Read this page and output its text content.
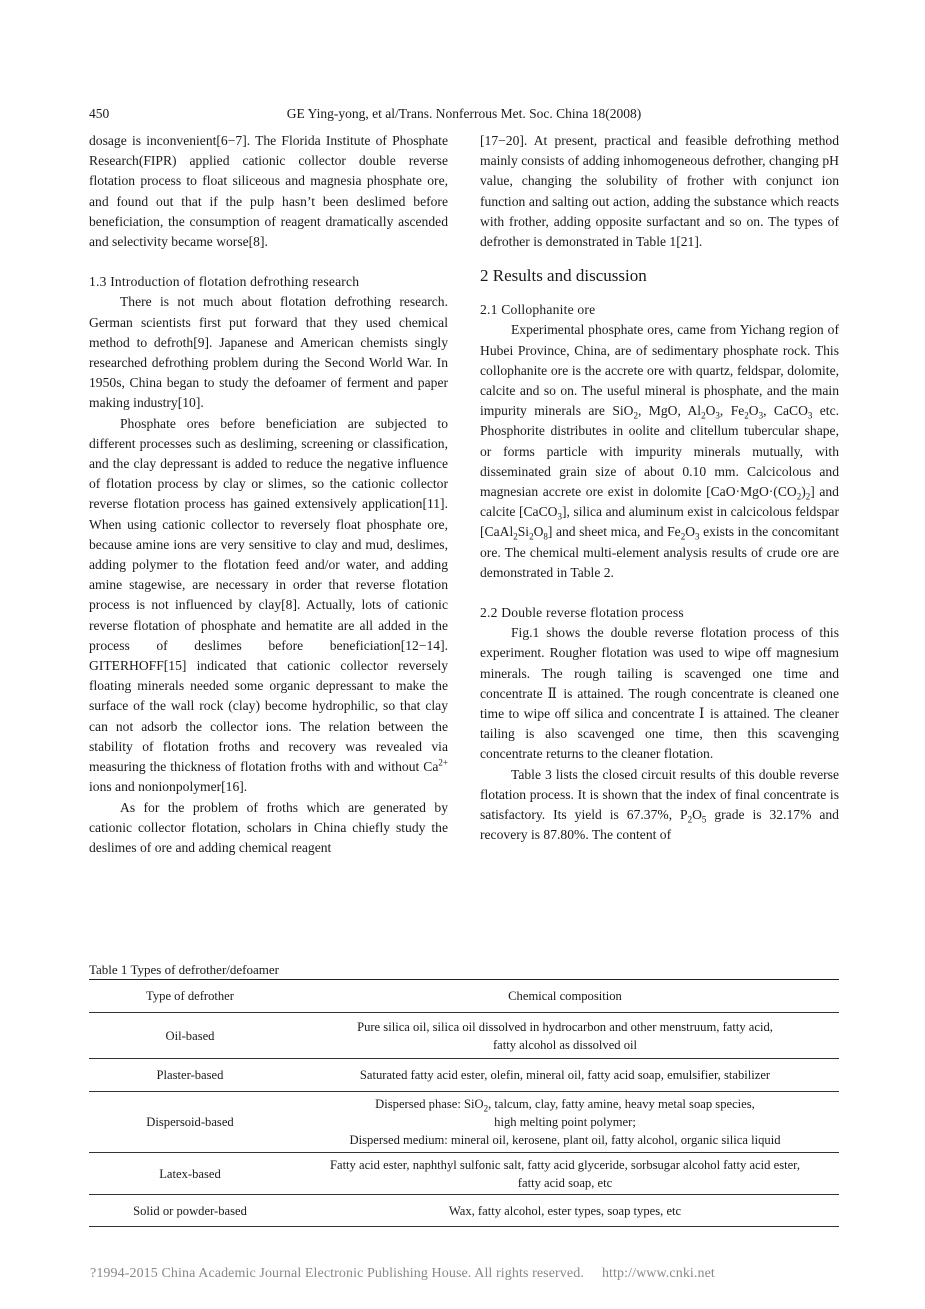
450	GE Ying-yong, et al/Trans. Nonferrous Met. Soc. China 18(2008)

dosage is inconvenient[6−7]. The Florida Institute of Phosphate Research(FIPR) applied cationic collector double reverse flotation process to float siliceous and magnesia phosphate ore, and found out that if the pulp hasn’t been deslimed before beneficiation, the consumption of reagent dramatically ascended and selectivity became worse[8].

1.3 Introduction of flotation defrothing research

There is not much about flotation defrothing research. German scientists first put forward that they used chemical method to defroth[9]. Japanese and American chemists singly researched defrothing problem during the Second World War. In 1950s, China began to study the defoamer of ferment and paper making industry[10].

Phosphate ores before beneficiation are subjected to different processes such as desliming, screening or classification, and the clay depressant is added to reduce the negative influence of flotation process by clay or slimes, so the cationic collector reverse flotation process has gained extensively application[11]. When using cationic collector to reversely float phosphate ore, because amine ions are very sensitive to clay and mud, deslimes, adding polymer to the flotation feed and/or water, and adding amine stagewise, are necessary in order that reverse flotation process is not influenced by clay[8]. Actually, lots of cationic reverse flotation of phosphate and hematite are all added in the process of deslimes before beneficiation[12−14]. GITERHOFF[15] indicated that cationic collector reversely floating minerals needed some organic depressant to make the surface of the wall rock (clay) become hydrophilic, so that clay can not adsorb the collector ions. The relation between the stability of flotation froths and recovery was revealed via measuring the thickness of flotation froths with and without $Ca^{2+}$ ions and nonionpolymer[16].

As for the problem of froths which are generated by cationic collector flotation, scholars in China chiefly study the deslimes of ore and adding chemical reagent

[17−20]. At present, practical and feasible defrothing method mainly consists of adding inhomogeneous defrother, changing pH value, changing the solubility of frother with conjunct ion function and salting out action, adding the substance which reacts with frother, adding opposite surfactant and so on. The types of defrother is demonstrated in Table 1[21].

2 Results and discussion

2.1 Collophanite ore

Experimental phosphate ores, came from Yichang region of Hubei Province, China, are of sedimentary phosphate rock. This collophanite ore is the accrete ore with quartz, feldspar, dolomite, calcite and so on. The useful mineral is phosphate, and the main impurity minerals are SiO$_2$, MgO, $Al_2O_3$, $Fe_2O_3$, CaCO$_3$ etc. Phosphorite distributes in oolite and clitellum tubercular shape, or forms particle with impurity minerals mutually, with disseminated grain size of about 0.10 mm. Calcicolous and magnesian accrete ore exist in dolomite $[CaO\cdot MgO\cdot(CO_2)_2]$ and calcite [CaCO$_3$], silica and aluminum exist in calcicolous feldspar $[CaAl_2Si_2O_8]$ and sheet mica, and $Fe_2O_3$ exists in the concomitant ore. The chemical multi-element analysis results of crude ore are demonstrated in Table 2.

2.2 Double reverse flotation process

Fig.1 shows the double reverse flotation process of this experiment. Rougher flotation was used to wipe off magnesium minerals. The rough tailing is scavenged one time and concentrate Ⅱ is attained. The rough concentrate is cleaned one time to wipe off silica and concentrate Ⅰ is attained. The cleaner tailing is also scavenged one time, then this scavenging concentrate returns to the cleaner flotation.

Table 3 lists the closed circuit results of this double reverse flotation process. It is shown that the index of final concentrate is satisfactory. Its yield is 67.37%, $P_2O_5$ grade is 32.17% and recovery is 87.80%. The content of

Table 1 Types of defrother/defoamer
Type of defrother	Chemical composition
Oil-based	Pure silica oil, silica oil dissolved in hydrocarbon and other menstruum, fatty acid,
fatty alcohol as dissolved oil
Plaster-based	Saturated fatty acid ester, olefin, mineral oil, fatty acid soap, emulsifier, stabilizer
Dispersoid-based	Dispersed phase: SiO$_2$, talcum, clay, fatty amine, heavy metal soap species,
high melting point polymer;
Dispersed medium: mineral oil, kerosene, plant oil, fatty alcohol, organic silica liquid
Latex-based	Fatty acid ester, naphthyl sulfonic salt, fatty acid glyceride, sorbsugar alcohol fatty acid ester,
fatty acid soap, etc
Solid or powder-based	Wax, fatty alcohol, ester types, soap types, etc
?1994-2015 China Academic Journal Electronic Publishing House. All rights reserved. http://www.cnki.net
